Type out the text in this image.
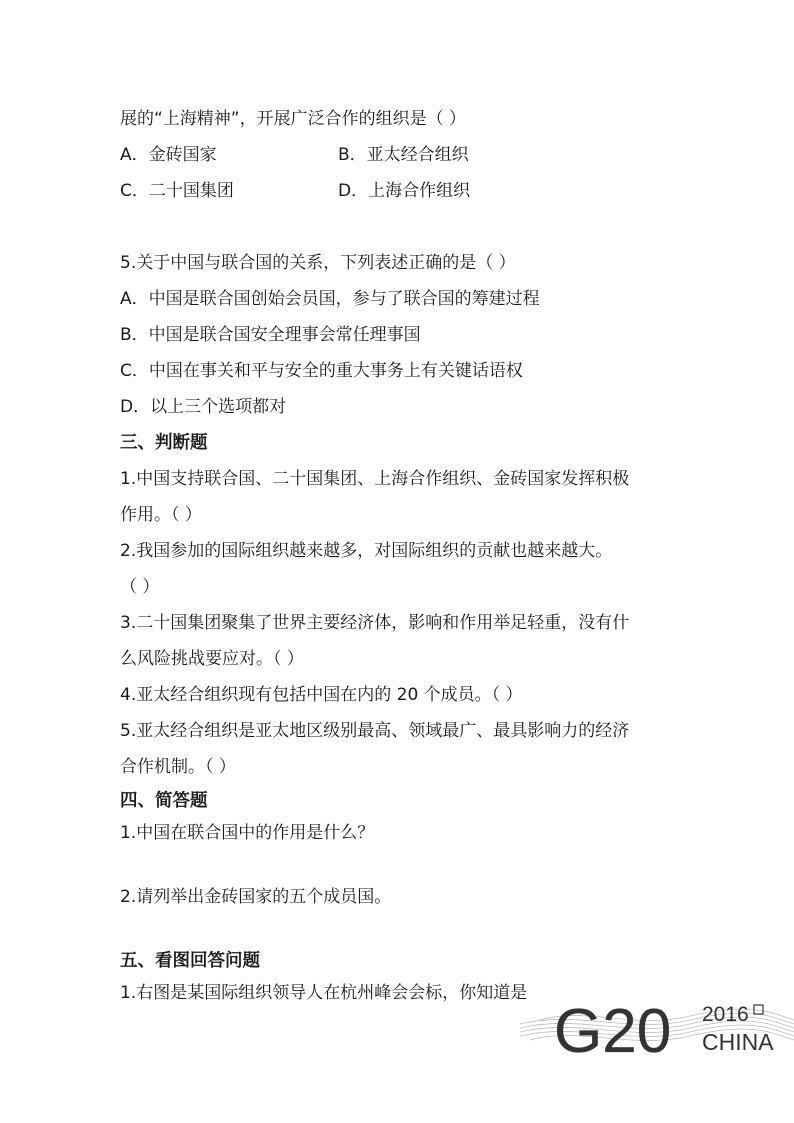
展的“上海精神”，开展广泛合作的组织是（ ）
A．金砖国家	B．亚太经合组织
C．二十国集团	D．上海合作组织
5.关于中国与联合国的关系，下列表述正确的是（ ）
A．中国是联合国创始会员国，参与了联合国的筹建过程
B．中国是联合国安全理事会常任理事国
C．中国在事关和平与安全的重大事务上有关键话语权
D．以上三个选项都对
三、判断题
1.中国支持联合国、二十国集团、上海合作组织、金砖国家发挥积极
作用。（ ）
2.我国参加的国际组织越来越多，对国际组织的贡献也越来越大。
（ ）
3.二十国集团聚集了世界主要经济体，影响和作用举足轻重，没有什
么风险挑战要应对。（ ）
4.亚太经合组织现有包括中国在内的 20 个成员。（ ）
5.亚太经合组织是亚太地区级别最高、领域最广、最具影响力的经济
合作机制。（ ）
四、简答题
1.中国在联合国中的作用是什么？
2.请列举出金砖国家的五个成员国。
五、看图回答问题
1.右图是某国际组织领导人在杭州峰会会标，你知道是
G20 2016
CHINA
